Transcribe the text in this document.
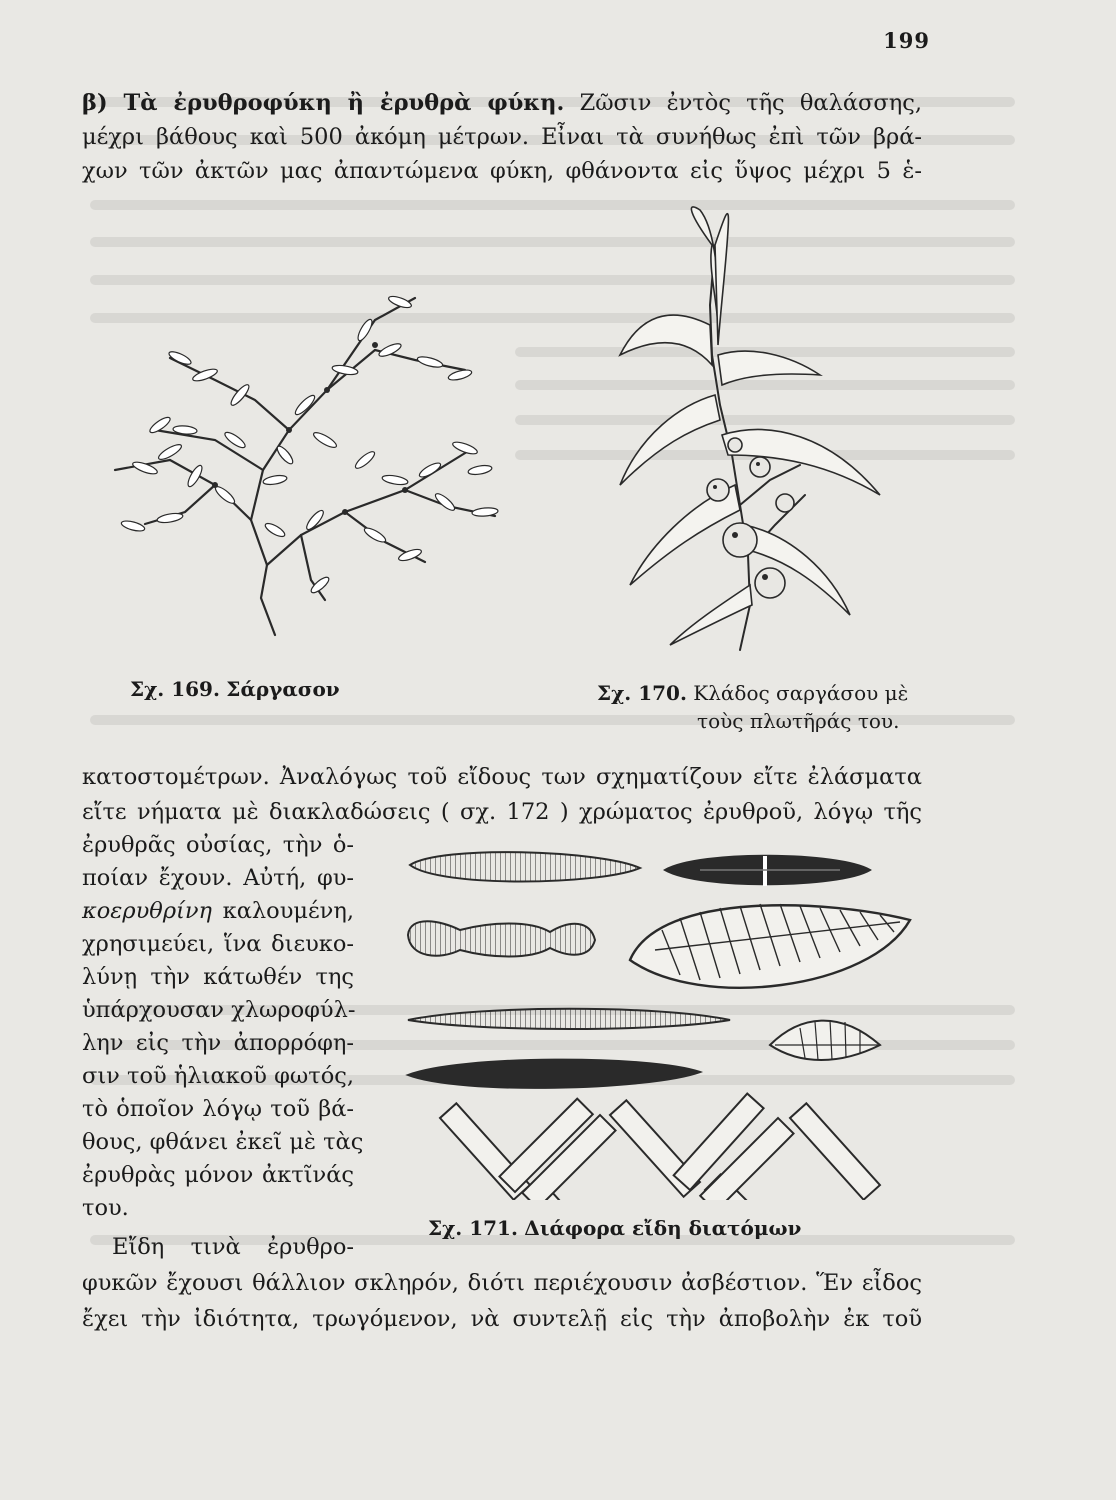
199
β) Τὰ ἐρυθροφύκη ἢ ἐρυθρὰ φύκη. Ζῶσιν ἐντὸς τῆς θαλάσσης,
μέχρι βάθους καὶ 500 ἀκόμη μέτρων. Εἶναι τὰ συνήθως ἐπὶ τῶν βρά-
χων τῶν ἀκτῶν μας ἀπαντώμενα φύκη, φθάνοντα εἰς ὕψος μέχρι 5 ἑ-
Σχ. 169. Σάργασον	Σχ. 170. Κλάδος σαργάσου μὲ
τοὺς πλωτῆράς του.
κατοστομέτρων. Ἀναλόγως τοῦ εἴδους των σχηματίζουν εἴτε ἐλάσματα
εἴτε νήματα μὲ διακλαδώσεις ( σχ. 172 ) χρώματος ἐρυθροῦ, λόγῳ τῆς
ἐρυθρᾶς οὐσίας, τὴν ὁ-
ποίαν ἔχουν. Αὐτή, φυ-
κοερυθρίνη καλουμένη,
χρησιμεύει, ἵνα διευκο-
λύνῃ τὴν κάτωθέν της
ὑπάρχουσαν χλωροφύλ-
λην εἰς τὴν ἀπορρόφη-
σιν τοῦ ἡλιακοῦ φωτός,
τὸ ὁποῖον λόγῳ τοῦ βά-
θους, φθάνει ἐκεῖ μὲ τὰς
ἐρυθρὰς μόνον ἀκτῖνάς
του.
Εἴδη τινὰ ἐρυθρο-
Σχ. 171. Διάφορα εἴδη διατόμων
φυκῶν ἔχουσι θάλλιον σκληρόν, διότι περιέχουσιν ἀσβέστιον. Ἕν εἶδος
ἔχει τὴν ἰδιότητα, τρωγόμενον, νὰ συντελῇ εἰς τὴν ἀποβολὴν ἐκ τοῦ
